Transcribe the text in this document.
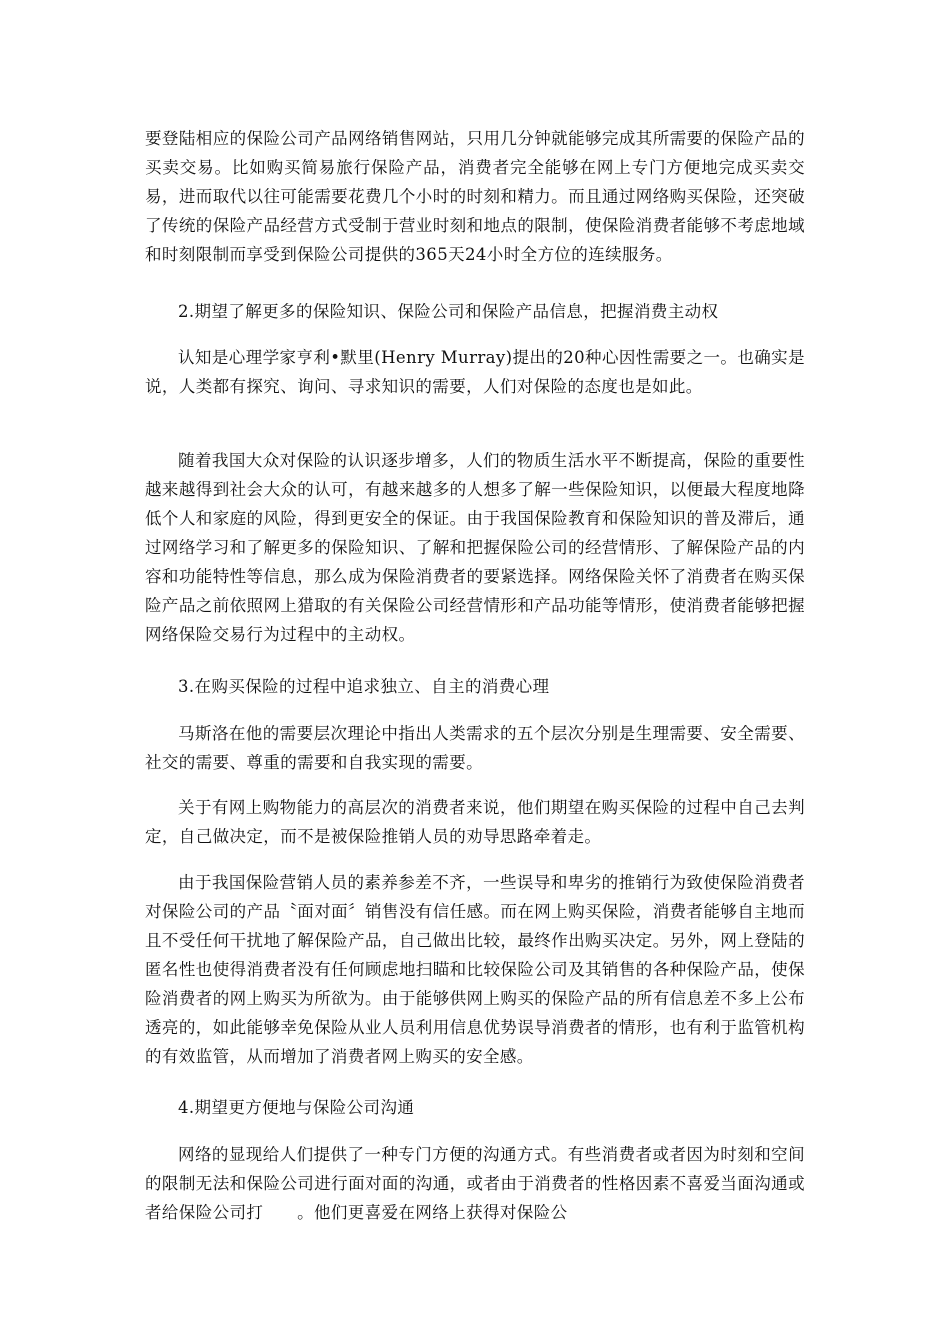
要登陆相应的保险公司产品网络销售网站，只用几分钟就能够完成其所需要的保险产品的买卖交易。比如购买简易旅行保险产品，消费者完全能够在网上专门方便地完成买卖交易，进而取代以往可能需要花费几个小时的时刻和精力。而且通过网络购买保险，还突破了传统的保险产品经营方式受制于营业时刻和地点的限制，使保险消费者能够不考虑地域和时刻限制而享受到保险公司提供的365天24小时全方位的连续服务。

2.期望了解更多的保险知识、保险公司和保险产品信息，把握消费主动权

认知是心理学家亨利•默里(Henry Murray)提出的20种心因性需要之一。也确实是说，人类都有探究、询问、寻求知识的需要，人们对保险的态度也是如此。

随着我国大众对保险的认识逐步增多，人们的物质生活水平不断提高，保险的重要性越来越得到社会大众的认可，有越来越多的人想多了解一些保险知识，以便最大程度地降低个人和家庭的风险，得到更安全的保证。由于我国保险教育和保险知识的普及滞后，通过网络学习和了解更多的保险知识、了解和把握保险公司的经营情形、了解保险产品的内容和功能特性等信息，那么成为保险消费者的要紧选择。网络保险关怀了消费者在购买保险产品之前依照网上猎取的有关保险公司经营情形和产品功能等情形，使消费者能够把握网络保险交易行为过程中的主动权。

3.在购买保险的过程中追求独立、自主的消费心理

马斯洛在他的需要层次理论中指出人类需求的五个层次分别是生理需要、安全需要、社交的需要、尊重的需要和自我实现的需要。

关于有网上购物能力的高层次的消费者来说，他们期望在购买保险的过程中自己去判定，自己做决定，而不是被保险推销人员的劝导思路牵着走。

由于我国保险营销人员的素养参差不齐，一些误导和卑劣的推销行为致使保险消费者对保险公司的产品〝面对面〞销售没有信任感。而在网上购买保险，消费者能够自主地而且不受任何干扰地了解保险产品，自己做出比较，最终作出购买决定。另外，网上登陆的匿名性也使得消费者没有任何顾虑地扫瞄和比较保险公司及其销售的各种保险产品，使保险消费者的网上购买为所欲为。由于能够供网上购买的保险产品的所有信息差不多上公布透亮的，如此能够幸免保险从业人员利用信息优势误导消费者的情形，也有利于监管机构的有效监管，从而增加了消费者网上购买的安全感。

4.期望更方便地与保险公司沟通

网络的显现给人们提供了一种专门方便的沟通方式。有些消费者或者因为时刻和空间的限制无法和保险公司进行面对面的沟通，或者由于消费者的性格因素不喜爱当面沟通或者给保险公司打　　。他们更喜爱在网络上获得对保险公
